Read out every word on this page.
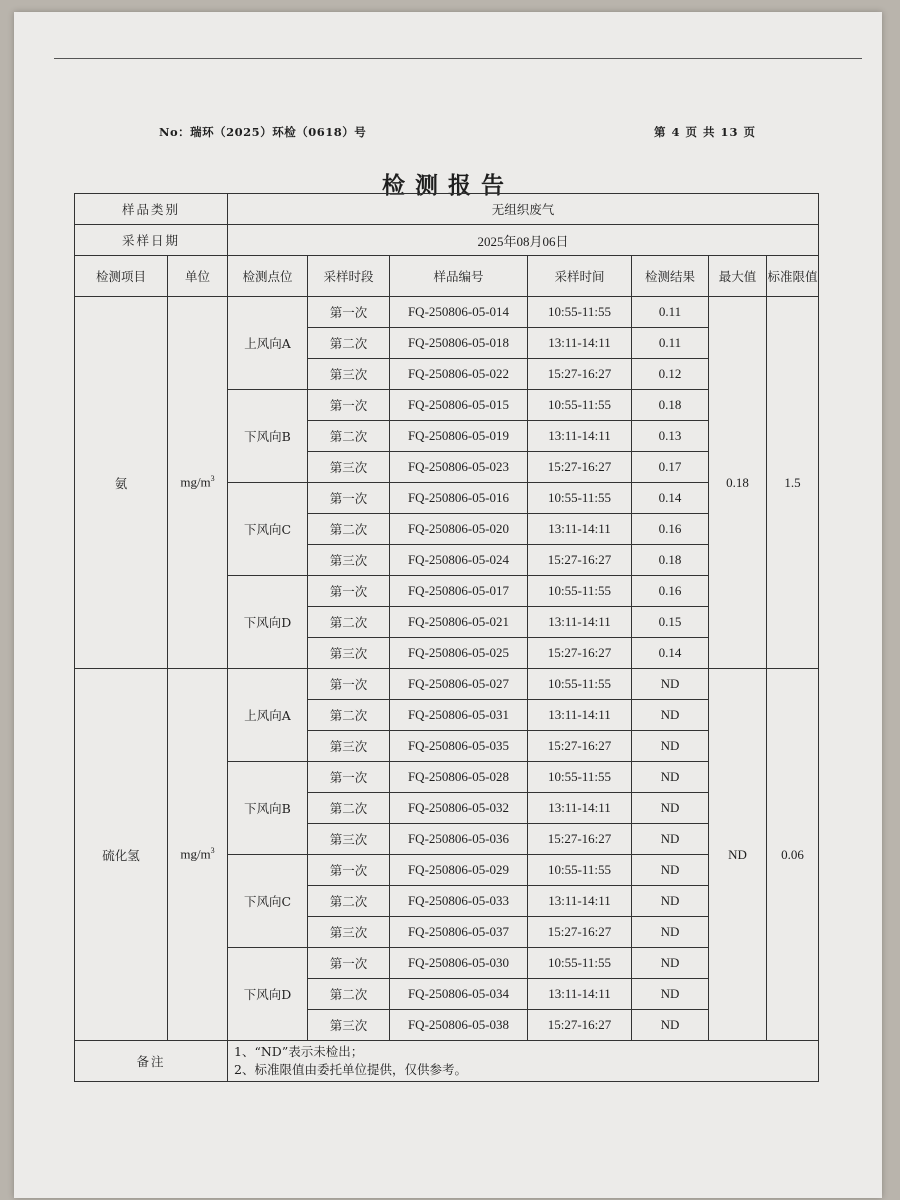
No：瑞环（2025）环检（0618）号	第 4 页 共 13 页
检测报告
样品类别		无组织废气						
采样日期		2025年08月06日						
检测项目	单位	检测点位	采样时段	样品编号	采样时间	检测结果	最大值	标准限值
氨	$mg/m^3$	上风向A	第一次	FQ-250806-05-014	10:55-11:55	0.11	0.18	1.5
			第二次	FQ-250806-05-018	13:11-14:11	0.11		
			第三次	FQ-250806-05-022	15:27-16:27	0.12		
		下风向B	第一次	FQ-250806-05-015	10:55-11:55	0.18		
			第二次	FQ-250806-05-019	13:11-14:11	0.13		
			第三次	FQ-250806-05-023	15:27-16:27	0.17		
		下风向C	第一次	FQ-250806-05-016	10:55-11:55	0.14		
			第二次	FQ-250806-05-020	13:11-14:11	0.16		
			第三次	FQ-250806-05-024	15:27-16:27	0.18		
		下风向D	第一次	FQ-250806-05-017	10:55-11:55	0.16		
			第二次	FQ-250806-05-021	13:11-14:11	0.15		
			第三次	FQ-250806-05-025	15:27-16:27	0.14		
硫化氢	$mg/m^3$	上风向A	第一次	FQ-250806-05-027	10:55-11:55	ND	ND	0.06
			第二次	FQ-250806-05-031	13:11-14:11	ND		
			第三次	FQ-250806-05-035	15:27-16:27	ND		
		下风向B	第一次	FQ-250806-05-028	10:55-11:55	ND		
			第二次	FQ-250806-05-032	13:11-14:11	ND		
			第三次	FQ-250806-05-036	15:27-16:27	ND		
		下风向C	第一次	FQ-250806-05-029	10:55-11:55	ND		
			第二次	FQ-250806-05-033	13:11-14:11	ND		
			第三次	FQ-250806-05-037	15:27-16:27	ND		
		下风向D	第一次	FQ-250806-05-030	10:55-11:55	ND		
			第二次	FQ-250806-05-034	13:11-14:11	ND		
			第三次	FQ-250806-05-038	15:27-16:27	ND		
备注		1、“ND”表示未检出；
2、标准限值由委托单位提供，仅供参考。						
